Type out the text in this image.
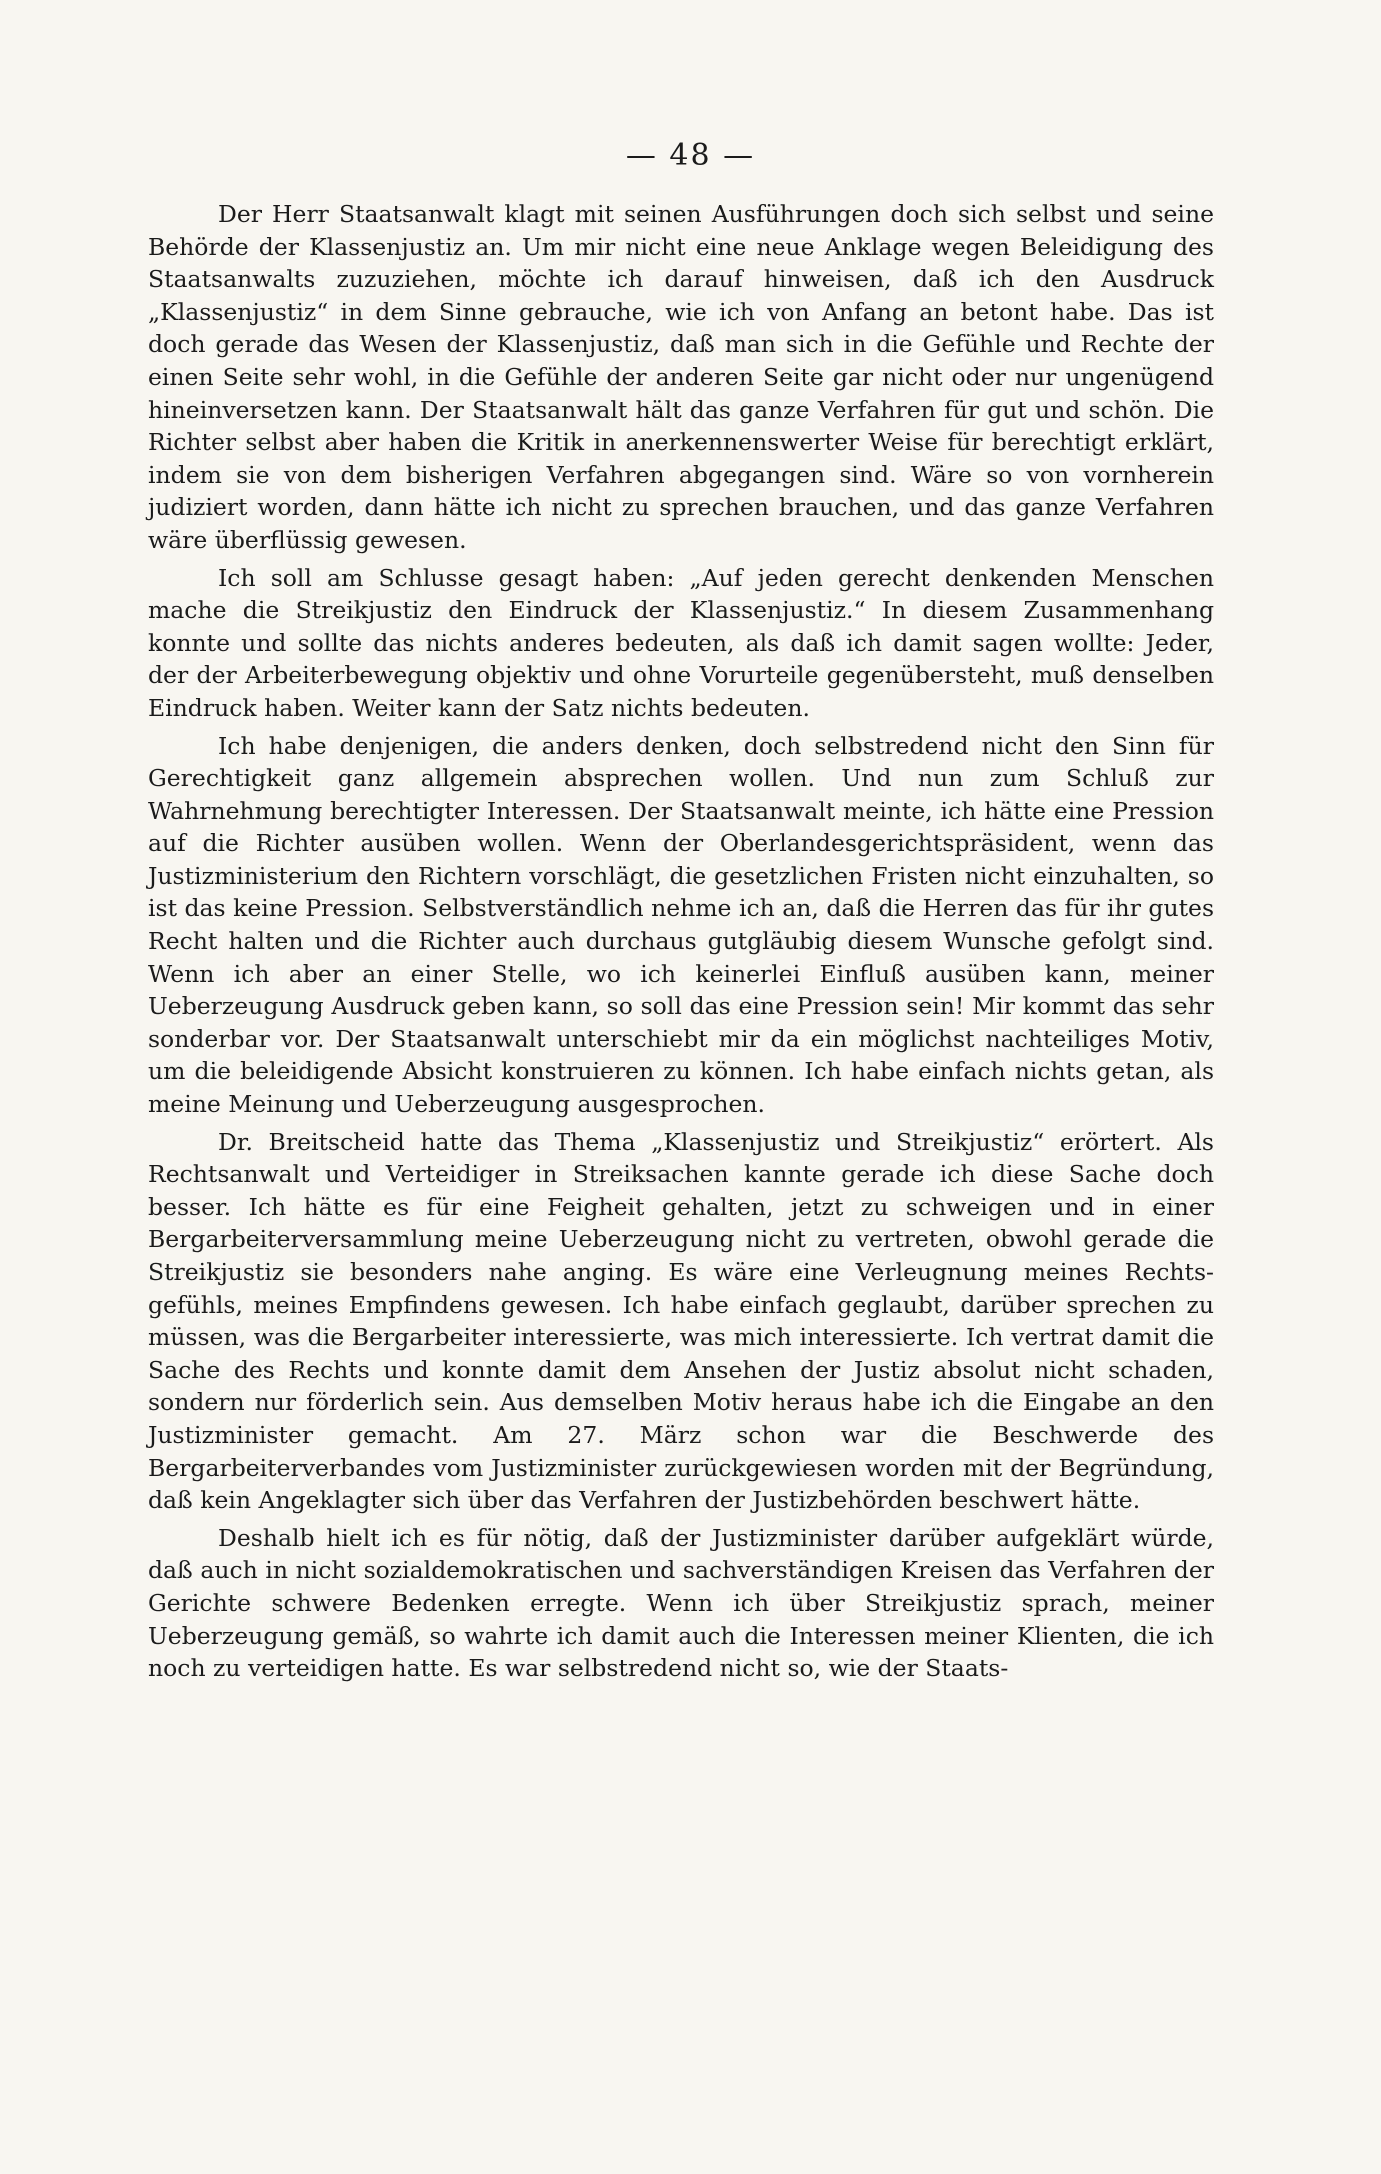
— 48 —

Der Herr Staatsanwalt klagt mit seinen Ausführungen doch sich selbst und seine Behörde der Klassenjustiz an. Um mir nicht eine neue Anklage wegen Beleidigung des Staatsanwalts zuzuziehen, möchte ich darauf hinweisen, daß ich den Ausdruck „Klassenjustiz“ in dem Sinne gebrauche, wie ich von Anfang an betont habe. Das ist doch gerade das Wesen der Klassenjustiz, daß man sich in die Gefühle und Rechte der einen Seite sehr wohl, in die Gefühle der anderen Seite gar nicht oder nur ungenügend hineinversetzen kann. Der Staatsanwalt hält das ganze Verfahren für gut und schön. Die Richter selbst aber haben die Kritik in anerkennenswerter Weise für berechtigt erklärt, indem sie von dem bisherigen Verfahren abgegangen sind. Wäre so von vornherein judiziert worden, dann hätte ich nicht zu sprechen brauchen, und das ganze Verfahren wäre überflüssig gewesen.

Ich soll am Schlusse gesagt haben: „Auf jeden gerecht denkenden Menschen mache die Streikjustiz den Eindruck der Klassenjustiz.“ In diesem Zusammenhang konnte und sollte das nichts anderes bedeuten, als daß ich damit sagen wollte: Jeder, der der Arbeiterbewegung objektiv und ohne Vorurteile gegenübersteht, muß denselben Eindruck haben. Weiter kann der Satz nichts bedeuten.

Ich habe denjenigen, die anders denken, doch selbstredend nicht den Sinn für Gerechtigkeit ganz allgemein absprechen wollen. Und nun zum Schluß zur Wahrnehmung berechtigter Interessen. Der Staatsanwalt meinte, ich hätte eine Pression auf die Richter ausüben wollen. Wenn der Oberlandesgerichtspräsident, wenn das Justizministerium den Richtern vorschlägt, die gesetzlichen Fristen nicht einzuhalten, so ist das keine Pression. Selbstverständlich nehme ich an, daß die Herren das für ihr gutes Recht halten und die Richter auch durchaus gutgläubig diesem Wunsche gefolgt sind. Wenn ich aber an einer Stelle, wo ich keinerlei Einfluß ausüben kann, meiner Ueberzeugung Ausdruck geben kann, so soll das eine Pression sein! Mir kommt das sehr sonderbar vor. Der Staatsanwalt unterschiebt mir da ein möglichst nachteiliges Motiv, um die beleidigende Absicht konstruieren zu können. Ich habe einfach nichts getan, als meine Meinung und Ueberzeugung ausgesprochen.

Dr. Breitscheid hatte das Thema „Klassenjustiz und Streikjustiz“ erörtert. Als Rechtsanwalt und Verteidiger in Streiksachen kannte gerade ich diese Sache doch besser. Ich hätte es für eine Feigheit gehalten, jetzt zu schweigen und in einer Bergarbeiterversammlung meine Ueberzeugung nicht zu vertreten, obwohl gerade die Streikjustiz sie besonders nahe anging. Es wäre eine Verleugnung meines Rechtsgefühls, meines Empfindens gewesen. Ich habe einfach geglaubt, darüber sprechen zu müssen, was die Bergarbeiter interessierte, was mich interessierte. Ich vertrat damit die Sache des Rechts und konnte damit dem Ansehen der Justiz absolut nicht schaden, sondern nur förderlich sein. Aus demselben Motiv heraus habe ich die Eingabe an den Justizminister gemacht. Am 27. März schon war die Beschwerde des Bergarbeiterverbandes vom Justizminister zurückgewiesen worden mit der Begründung, daß kein Angeklagter sich über das Verfahren der Justizbehörden beschwert hätte.

Deshalb hielt ich es für nötig, daß der Justizminister darüber aufgeklärt würde, daß auch in nicht sozialdemokratischen und sachverständigen Kreisen das Verfahren der Gerichte schwere Bedenken erregte. Wenn ich über Streikjustiz sprach, meiner Ueberzeugung gemäß, so wahrte ich damit auch die Interessen meiner Klienten, die ich noch zu verteidigen hatte. Es war selbstredend nicht so, wie der Staats-
